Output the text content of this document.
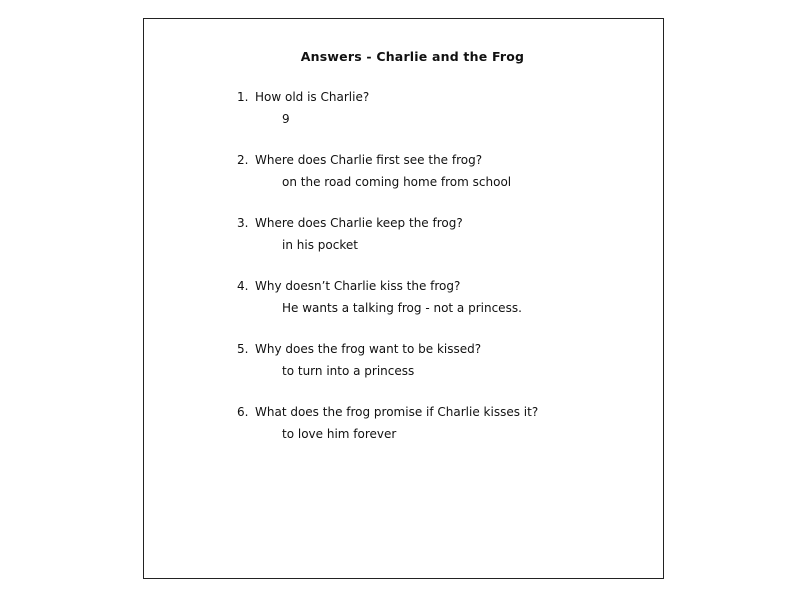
Answers - Charlie and the Frog
1. How old is Charlie?
9
2. Where does Charlie first see the frog?
on the road coming home from school
3. Where does Charlie keep the frog?
in his pocket
4. Why doesn’t Charlie kiss the frog?
He wants a talking frog - not a princess.
5. Why does the frog want to be kissed?
to turn into a princess
6. What does the frog promise if Charlie kisses it?
to love him forever
